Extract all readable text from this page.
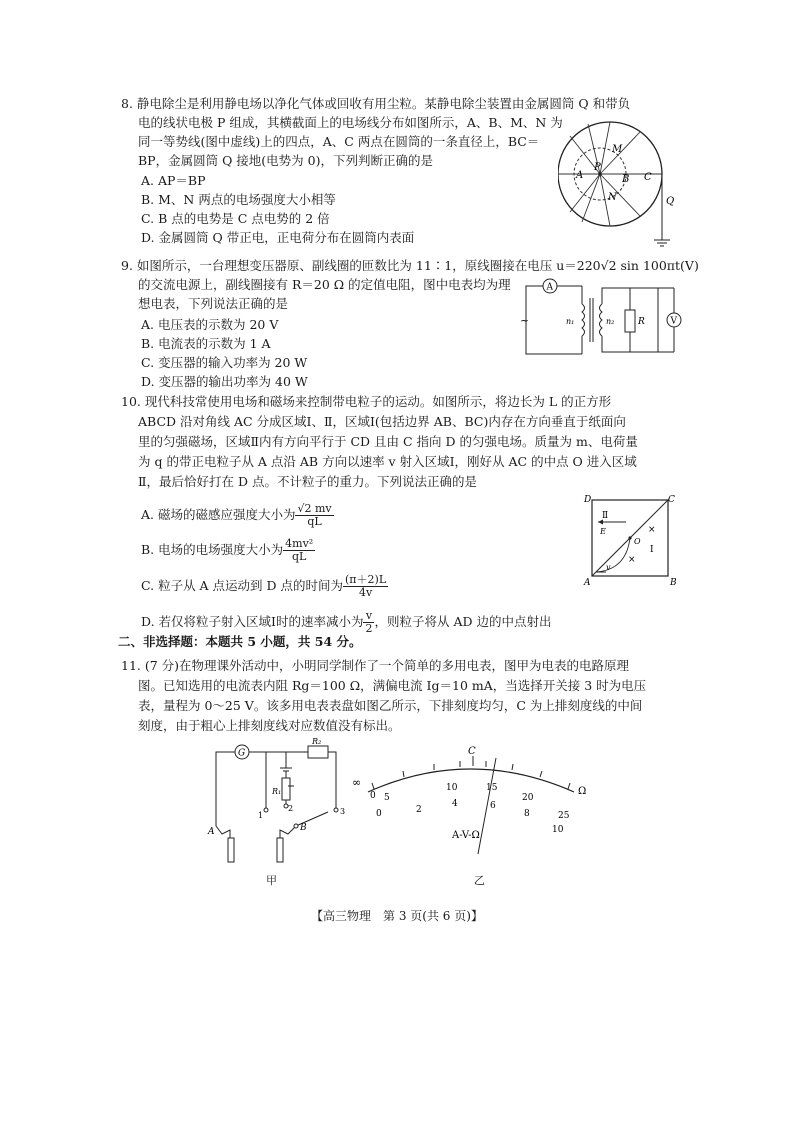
8. 静电除尘是利用静电场以净化气体或回收有用尘粒。某静电除尘装置由金属圆筒 Q 和带负
电的线状电极 P 组成，其横截面上的电场线分布如图所示，A、B、M、N 为
同一等势线(图中虚线)上的四点，A、C 两点在圆筒的一条直径上，BC＝
BP，金属圆筒 Q 接地(电势为 0)，下列判断正确的是
A. AP＝BP
B. M、N 两点的电场强度大小相等
C. B 点的电势是 C 点电势的 2 倍
D. 金属圆筒 Q 带正电，正电荷分布在圆筒内表面
M
A
P
B C
N	Q
9. 如图所示，一台理想变压器原、副线圈的匝数比为 11∶1，原线圈接在电压 u＝220√2 sin 100πt(V)
的交流电源上，副线圈接有 R＝20 Ω 的定值电阻，图中电表均为理
想电表，下列说法正确的是
A. 电压表的示数为 20 V
B. 电流表的示数为 1 A
C. 变压器的输入功率为 20 W
D. 变压器的输出功率为 40 W
A
V
R
n₁	n₂
~
10. 现代科技常使用电场和磁场来控制带电粒子的运动。如图所示，将边长为 L 的正方形
ABCD 沿对角线 AC 分成区域Ⅰ、Ⅱ，区域Ⅰ(包括边界 AB、BC)内存在方向垂直于纸面向
里的匀强磁场，区域Ⅱ内有方向平行于 CD 且由 C 指向 D 的匀强电场。质量为 m、电荷量
为 q 的带正电粒子从 A 点沿 AB 方向以速率 v 射入区域Ⅰ，刚好从 AC 的中点 O 进入区域
Ⅱ，最后恰好打在 D 点。不计粒子的重力。下列说法正确的是
A. 磁场的磁感应强度大小为 $\frac{√2 mv}{qL}$
B. 电场的电场强度大小为 $\frac{\text{4mv²}}{qL}$
C. 粒子从 A 点运动到 D 点的时间为 $\frac{(\pi+2)L}{4v}$
D. 若仅将粒子射入区域Ⅰ时的速率减小为 $\frac{v}{2}$ ，则粒子将从 AD 边的中点射出
D	C
A	B
O
E
v
Ⅰ
Ⅱ
×
×
二、非选择题：本题共 5 小题，共 54 分。
11. (7 分)在物理课外活动中，小明同学制作了一个简单的多用电表，图甲为电表的电路原理
图。已知选用的电流表内阻 Rg＝100 Ω，满偏电流 Ig＝10 mA，当选择开关接 3 时为电压
表，量程为 0～25 V。该多用电表表盘如图乙所示，下排刻度均匀，C 为上排刻度线的中间
刻度，由于粗心上排刻度线对应数值没有标出。
G
R₂
R₁
1
2	3
A	B
甲
∞
C
Ω
0 5
10	15
20
25
0	2
4	6
8
10
A-V-Ω
乙
【高三物理　第 3 页(共 6 页)】
